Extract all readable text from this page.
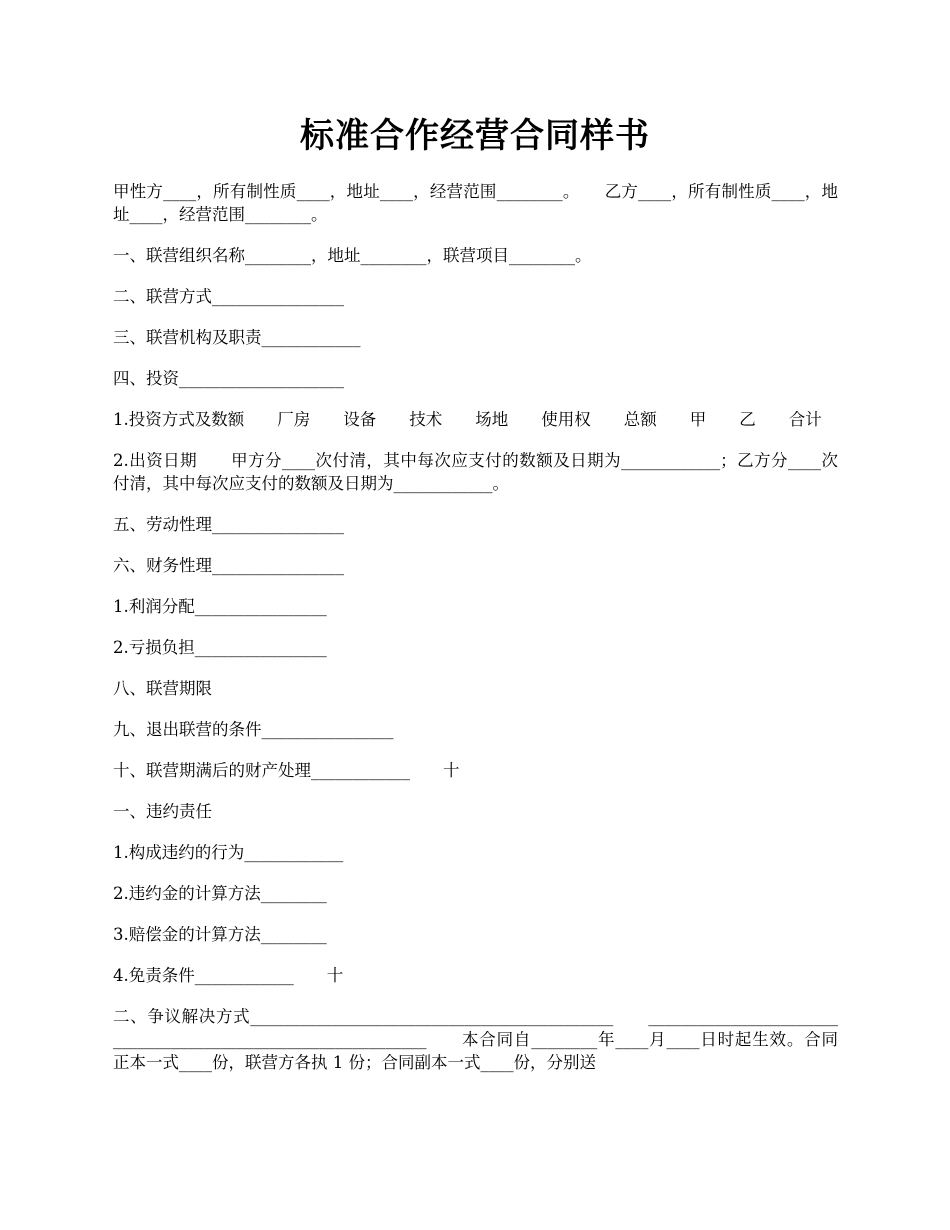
标准合作经营合同样书

甲性方____，所有制性质____，地址____，经营范围________。　　乙方____，所有制性质____，地址____，经营范围________。

一、联营组织名称________，地址________，联营项目________。

二、联营方式________________

三、联营机构及职责____________

四、投资____________________

1.投资方式及数额　　厂房　　设备　　技术　　场地　　使用权　　总额　　甲　　乙　　合计

2.出资日期　　甲方分____次付清，其中每次应支付的数额及日期为____________；乙方分____次付清，其中每次应支付的数额及日期为____________。

五、劳动性理________________

六、财务性理________________

1.利润分配________________

2.亏损负担________________

八、联营期限

九、退出联营的条件________________

十、联营期满后的财产处理____________　　十

一、违约责任

1.构成违约的行为____________

2.违约金的计算方法________

3.赔偿金的计算方法________

4.免责条件____________　　十

二、争议解决方式____________________________________________　　_____________________________________________________________　　本合同自________年____月____日时起生效。合同正本一式____份，联营方各执 1 份；合同副本一式____份，分别送
